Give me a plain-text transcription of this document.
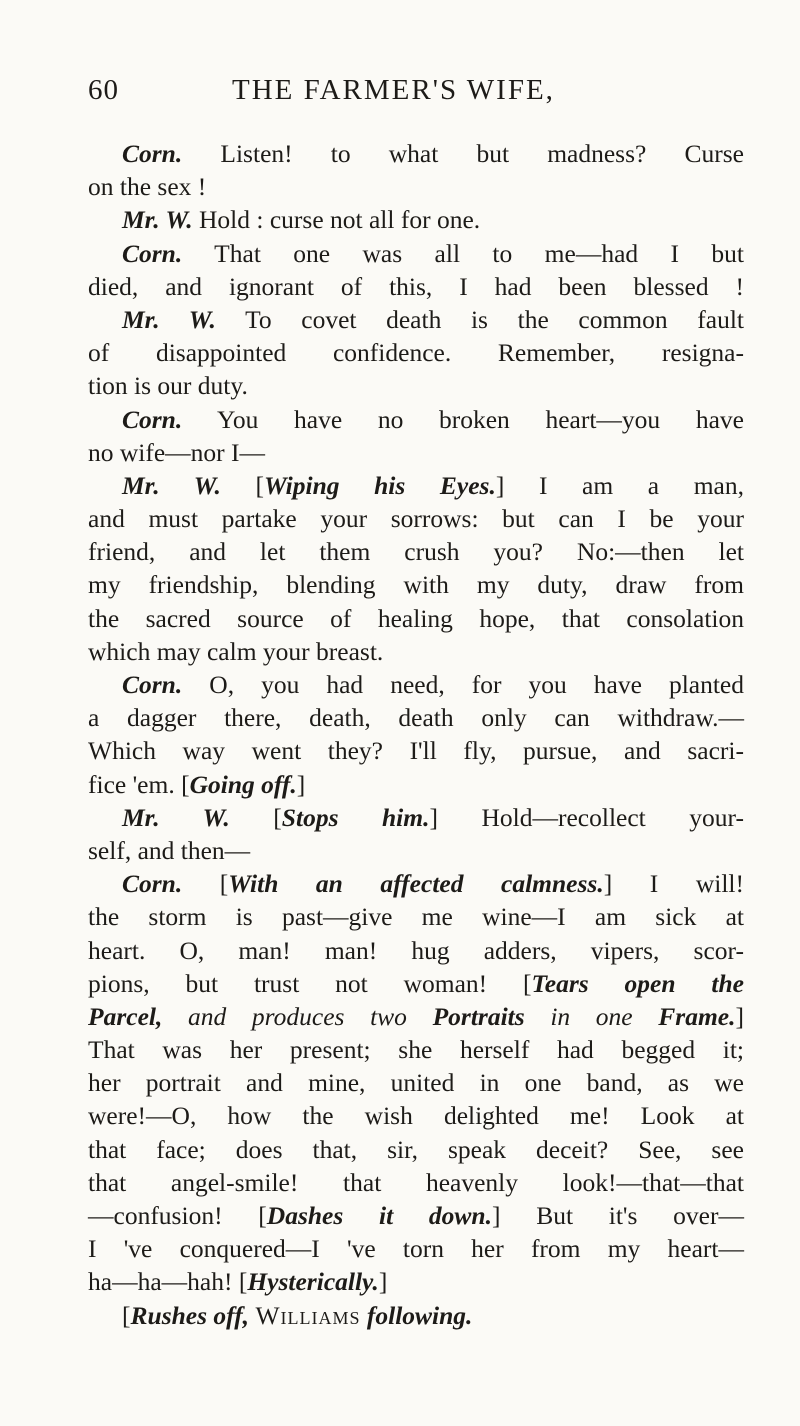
60	THE FARMER'S WIFE,
Corn. Listen! to what but madness? Curse
on the sex !
Mr. W. Hold : curse not all for one.
Corn. That one was all to me—had I but
died, and ignorant of this, I had been blessed !
Mr. W. To covet death is the common fault
of disappointed confidence. Remember, resigna-
tion is our duty.
Corn. You have no broken heart—you have
no wife—nor I—
Mr. W. [Wiping his Eyes.] I am a man,
and must partake your sorrows: but can I be your
friend, and let them crush you? No:—then let
my friendship, blending with my duty, draw from
the sacred source of healing hope, that consolation
which may calm your breast.
Corn. O, you had need, for you have planted
a dagger there, death, death only can withdraw.—
Which way went they? I'll fly, pursue, and sacri-
fice 'em. [Going off.]
Mr. W. [Stops him.] Hold—recollect your-
self, and then—
Corn. [With an affected calmness.] I will!
the storm is past—give me wine—I am sick at
heart. O, man! man! hug adders, vipers, scor-
pions, but trust not woman! [Tears open the
Parcel, and produces two Portraits in one Frame.]
That was her present; she herself had begged it;
her portrait and mine, united in one band, as we
were!—O, how the wish delighted me! Look at
that face; does that, sir, speak deceit? See, see
that angel-smile! that heavenly look!—that—that
—confusion! [Dashes it down.] But it's over—
I 've conquered—I 've torn her from my heart—
ha—ha—hah! [Hysterically.]
[Rushes off, Williams following.
